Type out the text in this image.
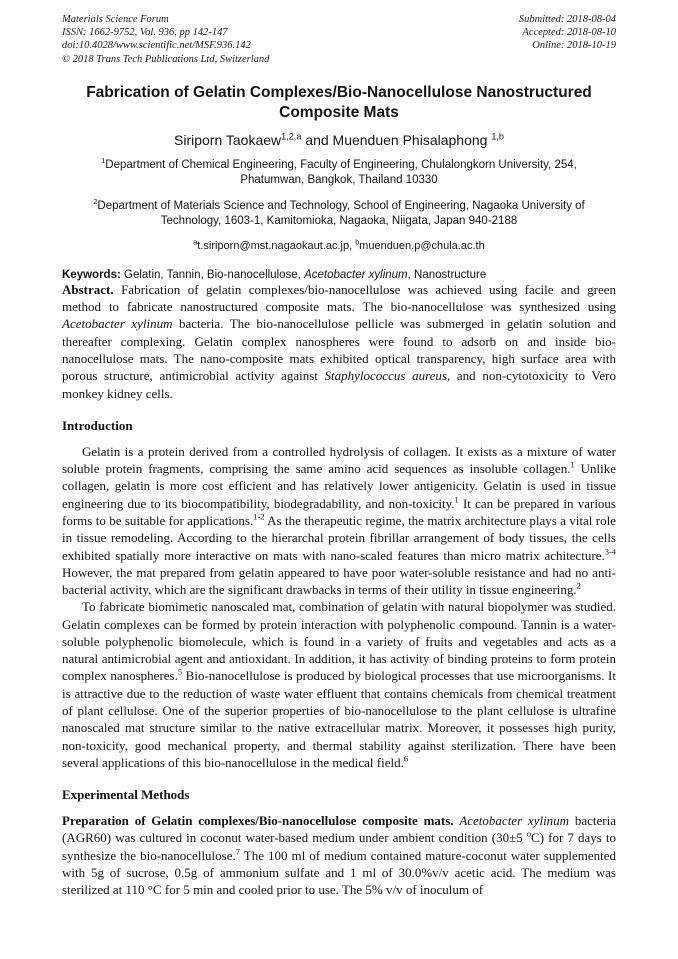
Materials Science Forum
ISSN: 1662-9752, Vol. 936, pp 142-147
doi:10.4028/www.scientific.net/MSF.936.142
© 2018 Trans Tech Publications Ltd, Switzerland
Submitted: 2018-08-04
Accepted: 2018-08-10
Online: 2018-10-19
Fabrication of Gelatin Complexes/Bio-Nanocellulose Nanostructured Composite Mats
Siriporn Taokaew$^{1,2,a}$ and Muenduen Phisalaphong $^{1,b}$
$^1$Department of Chemical Engineering, Faculty of Engineering, Chulalongkorn University, 254, Phatumwan, Bangkok, Thailand 10330
$^2$Department of Materials Science and Technology, School of Engineering, Nagaoka University of Technology, 1603-1, Kamitomioka, Nagaoka, Niigata, Japan 940-2188
$^a$t.siriporn@mst.nagaokaut.ac.jp, $^b$muenduen.p@chula.ac.th
Keywords: Gelatin, Tannin, Bio-nanocellulose, Acetobacter xylinum, Nanostructure

Abstract. Fabrication of gelatin complexes/bio-nanocellulose was achieved using facile and green method to fabricate nanostructured composite mats. The bio-nanocellulose was synthesized using Acetobacter xylinum bacteria. The bio-nanocellulose pellicle was submerged in gelatin solution and thereafter complexing. Gelatin complex nanospheres were found to adsorb on and inside bio-nanocellulose mats. The nano-composite mats exhibited optical transparency, high surface area with porous structure, antimicrobial activity against Staphylococcus aureus, and non-cytotoxicity to Vero monkey kidney cells.

Introduction

Gelatin is a protein derived from a controlled hydrolysis of collagen. It exists as a mixture of water soluble protein fragments, comprising the same amino acid sequences as insoluble collagen.$^1$ Unlike collagen, gelatin is more cost efficient and has relatively lower antigenicity. Gelatin is used in tissue engineering due to its biocompatibility, biodegradability, and non-toxicity.$^1$ It can be prepared in various forms to be suitable for applications.$^{1-2}$ As the therapeutic regime, the matrix architecture plays a vital role in tissue remodeling. According to the hierarchal protein fibrillar arrangement of body tissues, the cells exhibited spatially more interactive on mats with nano-scaled features than micro matrix achitecture.$^{3-4}$ However, the mat prepared from gelatin appeared to have poor water-soluble resistance and had no anti-bacterial activity, which are the significant drawbacks in terms of their utility in tissue engineering.$^2$

To fabricate biomimetic nanoscaled mat, combination of gelatin with natural biopolymer was studied. Gelatin complexes can be formed by protein interaction with polyphenolic compound. Tannin is a water-soluble polyphenolic biomolecule, which is found in a variety of fruits and vegetables and acts as a natural antimicrobial agent and antioxidant. In addition, it has activity of binding proteins to form protein complex nanospheres.$^5$ Bio-nanocellulose is produced by biological processes that use microorganisms. It is attractive due to the reduction of waste water effluent that contains chemicals from chemical treatment of plant cellulose. One of the superior properties of bio-nanocellulose to the plant cellulose is ultrafine nanoscaled mat structure similar to the native extracellular matrix. Moreover, it possesses high purity, non-toxicity, good mechanical property, and thermal stability against sterilization. There have been several applications of this bio-nanocellulose in the medical field.$^6$

Experimental Methods

Preparation of Gelatin complexes/Bio-nanocellulose composite mats. Acetobacter xylinum bacteria (AGR60) was cultured in coconut water-based medium under ambient condition (30±5 $^o$C) for 7 days to synthesize the bio-nanocellulose.$^7$ The 100 ml of medium contained mature-coconut water supplemented with 5g of sucrose, 0.5g of ammonium sulfate and 1 ml of 30.0%v/v acetic acid. The medium was sterilized at 110 °C for 5 min and cooled prior to use. The 5% v/v of inoculum of
